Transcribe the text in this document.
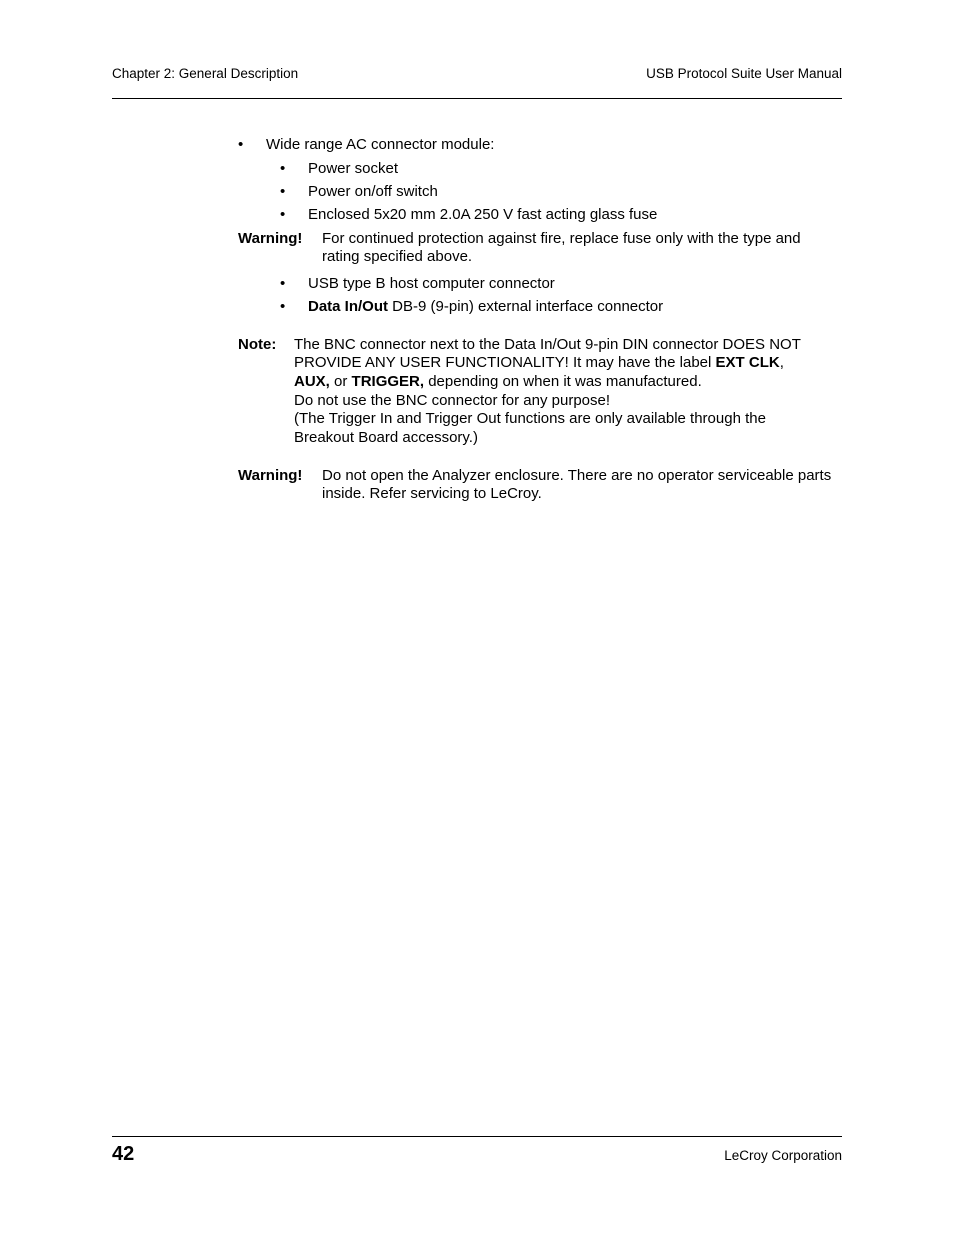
Chapter 2: General Description	USB Protocol Suite User Manual
• Wide range AC connector module:
• Power socket
• Power on/off switch
• Enclosed 5x20 mm 2.0A 250 V fast acting glass fuse
Warning! For continued protection against fire, replace fuse only with the type and
rating specified above.
• USB type B host computer connector
• Data In/Out DB-9 (9-pin) external interface connector
Note: The BNC connector next to the Data In/Out 9-pin DIN connector DOES NOT
PROVIDE ANY USER FUNCTIONALITY! It may have the label EXT CLK,
AUX, or TRIGGER, depending on when it was manufactured.
Do not use the BNC connector for any purpose!
(The Trigger In and Trigger Out functions are only available through the
Breakout Board accessory.)
Warning! Do not open the Analyzer enclosure. There are no operator serviceable parts
inside. Refer servicing to LeCroy.
42	LeCroy Corporation
